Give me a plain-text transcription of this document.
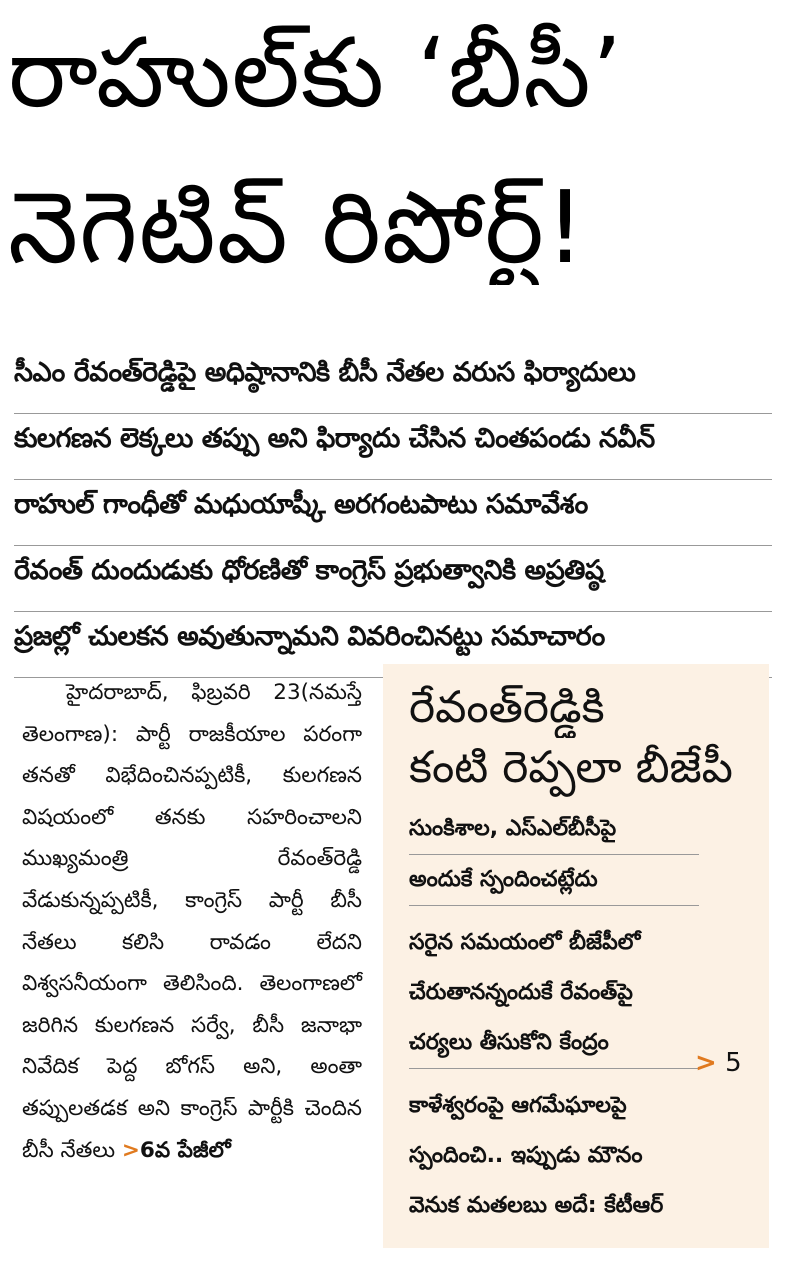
రాహుల్‌కు ‘బీసీ’
నెగెటివ్ రిపోర్ట్!
సీఎం రేవంత్‌రెడ్డిపై అధిష్ఠానానికి బీసీ నేతల వరుస ఫిర్యాదులు
కులగణన లెక్కలు తప్పు అని ఫిర్యాదు చేసిన చింతపండు నవీన్
రాహుల్ గాంధీతో మధుయాష్కీ అరగంటపాటు సమావేశం
రేవంత్ దుందుడుకు ధోరణితో కాంగ్రెస్ ప్రభుత్వానికి అప్రతిష్ఠ
ప్రజల్లో చులకన అవుతున్నామని వివరించినట్టు సమాచారం

హైదరాబాద్, ఫిబ్రవరి 23(నమస్తే తెలంగాణ): పార్టీ రాజకీయాల పరంగా తనతో విభేదించినప్పటికీ, కులగణన విషయంలో తనకు సహరించాలని ముఖ్యమంత్రి రేవంత్‌రెడ్డి వేడుకున్నప్పటికీ, కాంగ్రెస్ పార్టీ బీసీ నేతలు కలిసి రావడం లేదని విశ్వసనీయంగా తెలిసింది. తెలంగాణలో జరిగిన కులగణన సర్వే, బీసీ జనాభా నివేదిక పెద్ద బోగస్ అని, అంతా తప్పులతడక అని కాంగ్రెస్ పార్టీకి చెందిన బీసీ నేతలు >6వ పేజీలో

రేవంత్‌రెడ్డికి
కంటి రెప్పలా బీజేపీ
సుంకిశాల, ఎస్‌ఎల్‌బీసీపై
అందుకే స్పందించట్లేదు
సరైన సమయంలో బీజేపీలో
చేరుతానన్నందుకే రేవంత్‌పై
చర్యలు తీసుకోని కేంద్రం
కాళేశ్వరంపై ఆగమేఘాలపై
స్పందించి.. ఇప్పుడు మౌనం
వెనుక మతలబు అదే: కేటీఆర్
> 5
